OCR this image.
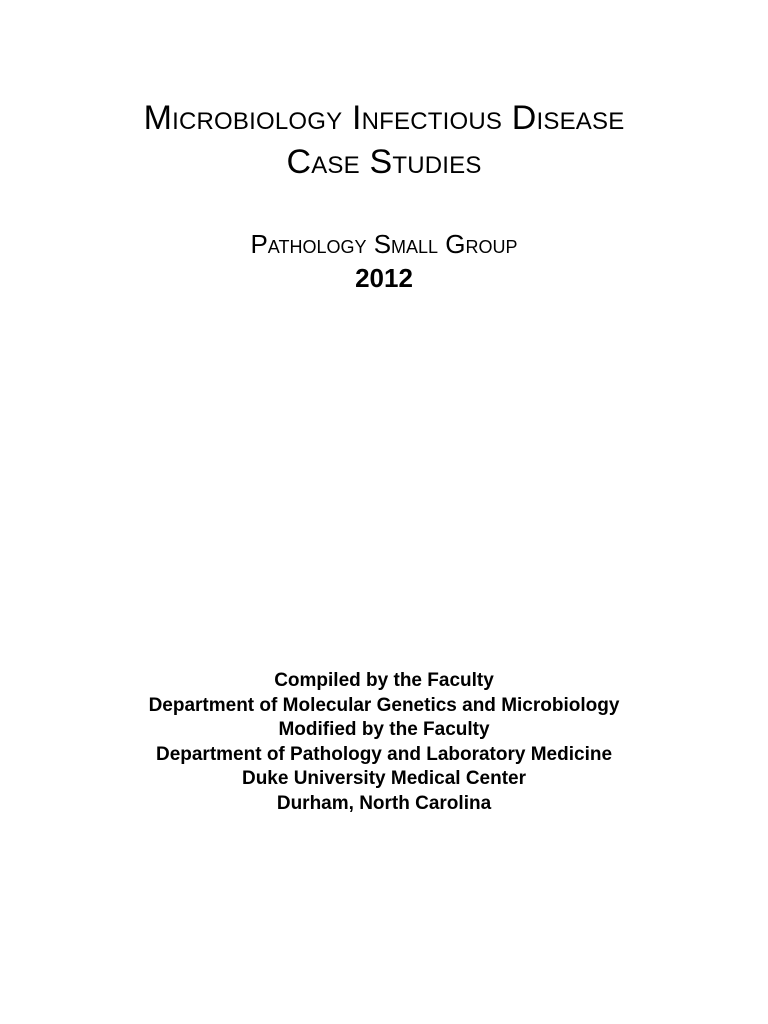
Microbiology Infectious Disease
Case Studies
Pathology Small Group
2012
Compiled by the Faculty
Department of Molecular Genetics and Microbiology
Modified by the Faculty
Department of Pathology and Laboratory Medicine
Duke University Medical Center
Durham, North Carolina
